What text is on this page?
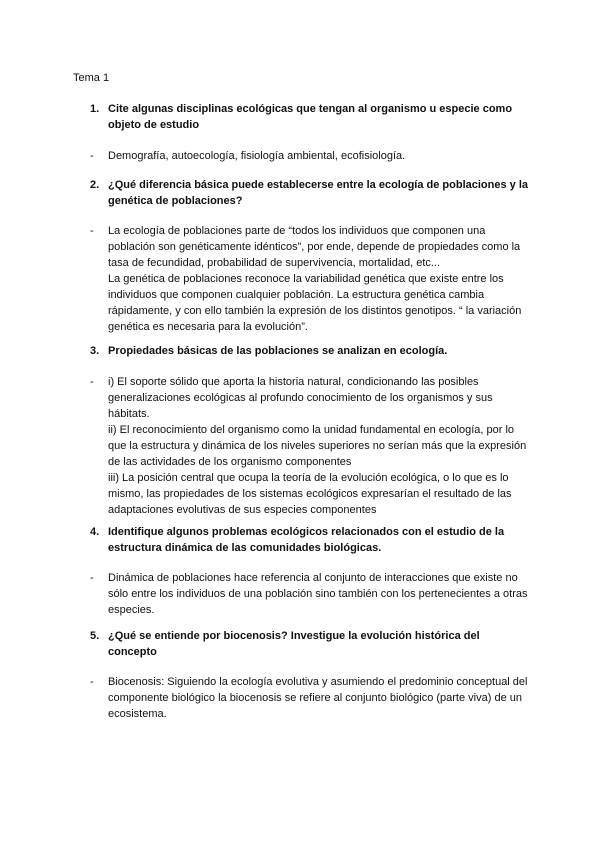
Tema 1
1. Cite algunas disciplinas ecológicas que tengan al organismo u especie como objeto de estudio
- Demografía, autoecología, fisiología ambiental, ecofisiología.
2. ¿Qué diferencia básica puede establecerse entre la ecología de poblaciones y la genética de poblaciones?
- La ecología de poblaciones parte de “todos los individuos que componen una población son genéticamente idénticos”, por ende, depende de propiedades como la tasa de fecundidad, probabilidad de supervivencia, mortalidad, etc...
La genética de poblaciones reconoce la variabilidad genética que existe entre los individuos que componen cualquier población. La estructura genética cambia rápidamente, y con ello también la expresión de los distintos genotipos. “ la variación genética es necesaria para la evolución”.
3. Propiedades básicas de las poblaciones se analizan en ecología.
- i) El soporte sólido que aporta la historia natural, condicionando las posibles generalizaciones ecológicas al profundo conocimiento de los organismos y sus hábitats.
ii) El reconocimiento del organismo como la unidad fundamental en ecología, por lo que la estructura y dinámica de los niveles superiores no serían más que la expresión de las actividades de los organismo componentes
iii) La posición central que ocupa la teoría de la evolución ecológica, o lo que es lo mismo, las propiedades de los sistemas ecológicos expresarían el resultado de las adaptaciones evolutivas de sus especies componentes
4. Identifique algunos problemas ecológicos relacionados con el estudio de la estructura dinámica de las comunidades biológicas.
- Dinámica de poblaciones hace referencia al conjunto de interacciones que existe no sólo entre los individuos de una población sino también con los pertenecientes a otras especies.
5. ¿Qué se entiende por biocenosis? Investigue la evolución histórica del concepto
- Biocenosis: Siguiendo la ecología evolutiva y asumiendo el predominio conceptual del componente biológico la biocenosis se refiere al conjunto biológico (parte viva) de un ecosistema.
